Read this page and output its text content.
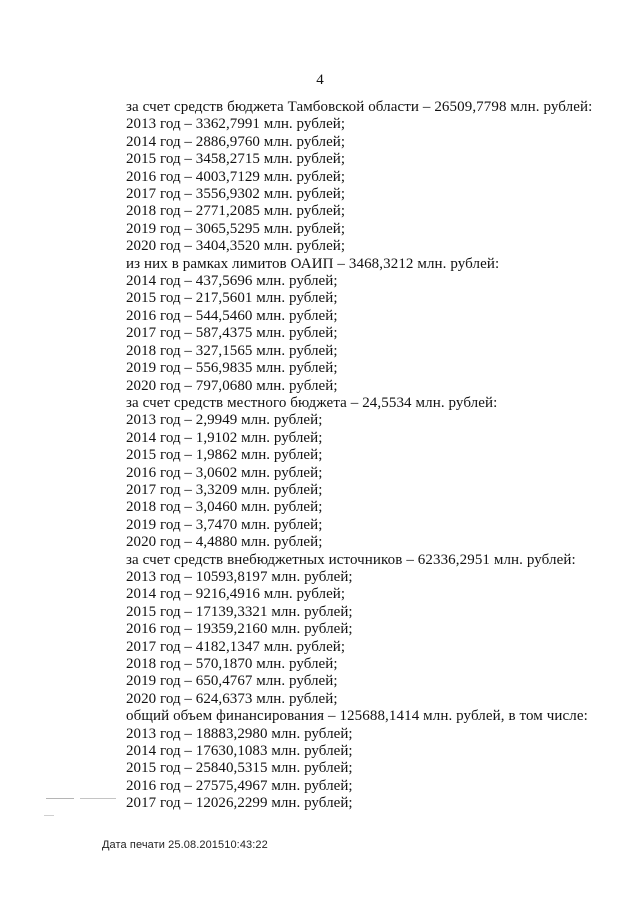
4
за счет средств бюджета Тамбовской области – 26509,7798 млн. рублей:
2013 год – 3362,7991 млн. рублей;
2014 год – 2886,9760 млн. рублей;
2015 год – 3458,2715 млн. рублей;
2016 год – 4003,7129 млн. рублей;
2017 год – 3556,9302 млн. рублей;
2018 год – 2771,2085 млн. рублей;
2019 год – 3065,5295 млн. рублей;
2020 год – 3404,3520 млн. рублей;
из них в рамках лимитов ОАИП – 3468,3212 млн. рублей:
2014 год – 437,5696 млн. рублей;
2015 год – 217,5601 млн. рублей;
2016 год – 544,5460 млн. рублей;
2017 год – 587,4375 млн. рублей;
2018 год – 327,1565 млн. рублей;
2019 год – 556,9835 млн. рублей;
2020 год – 797,0680 млн. рублей;
за счет средств местного бюджета – 24,5534 млн. рублей:
2013 год – 2,9949 млн. рублей;
2014 год – 1,9102 млн. рублей;
2015 год – 1,9862 млн. рублей;
2016 год – 3,0602 млн. рублей;
2017 год – 3,3209 млн. рублей;
2018 год – 3,0460 млн. рублей;
2019 год – 3,7470 млн. рублей;
2020 год – 4,4880 млн. рублей;
за счет средств внебюджетных источников – 62336,2951 млн. рублей:
2013 год – 10593,8197 млн. рублей;
2014 год – 9216,4916 млн. рублей;
2015 год – 17139,3321 млн. рублей;
2016 год – 19359,2160 млн. рублей;
2017 год – 4182,1347 млн. рублей;
2018 год – 570,1870 млн. рублей;
2019 год – 650,4767 млн. рублей;
2020 год – 624,6373 млн. рублей;
общий объем финансирования – 125688,1414 млн. рублей, в том числе:
2013 год – 18883,2980 млн. рублей;
2014 год – 17630,1083 млн. рублей;
2015 год – 25840,5315 млн. рублей;
2016 год – 27575,4967 млн. рублей;
2017 год – 12026,2299 млн. рублей;
Дата печати 25.08.201510:43:22
